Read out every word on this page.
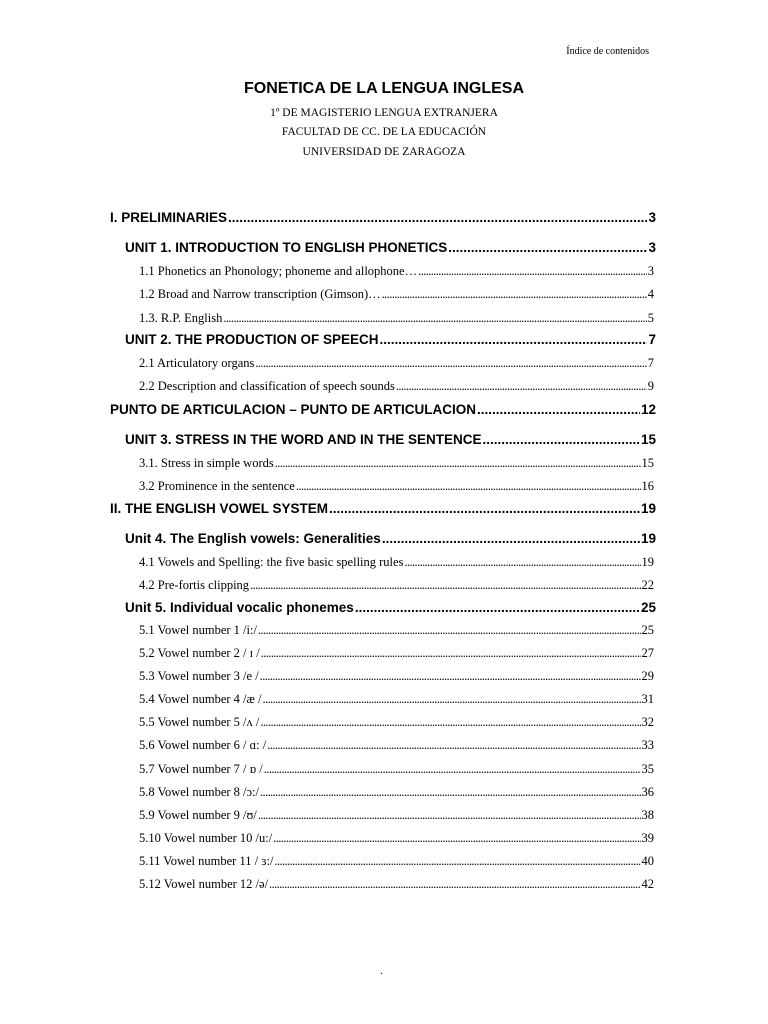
Índice de contenidos
FONETICA DE LA LENGUA INGLESA
1º DE MAGISTERIO LENGUA EXTRANJERA
FACULTAD DE CC. DE LA EDUCACIÓN
UNIVERSIDAD DE ZARAGOZA
I. PRELIMINARIES .....	3
UNIT 1. INTRODUCTION TO ENGLISH PHONETICS .....	3
1.1 Phonetics an Phonology; phoneme and allophone… .....	3
1.2 Broad and Narrow transcription (Gimson)… .....	4
1.3. R.P. English .....	5
UNIT 2. THE PRODUCTION OF SPEECH .....	7
2.1 Articulatory organs .....	7
2.2 Description and classification of speech sounds .....	9
PUNTO DE ARTICULACION – PUNTO DE ARTICULACION .....	12
UNIT 3. STRESS IN THE WORD AND IN THE SENTENCE .....	15
3.1. Stress in simple words .....	15
3.2 Prominence in the sentence .....	16
II. THE ENGLISH VOWEL SYSTEM .....	19
Unit 4. The English vowels: Generalities .....	19
4.1 Vowels and Spelling: the five basic spelling rules .....	19
4.2 Pre-fortis clipping .....	22
Unit 5. Individual vocalic phonemes .....	25
5.1 Vowel number 1 /i:/ .....	25
5.2 Vowel number 2 / ɪ / .....	27
5.3 Vowel number 3 /e / .....	29
5.4 Vowel number 4 /æ / .....	31
5.5 Vowel number 5 /ʌ / .....	32
5.6 Vowel number 6 / ɑ: / .....	33
5.7 Vowel number 7 / ɒ / .....	35
5.8 Vowel number 8 /ɔ:/ .....	36
5.9 Vowel number 9 /ʊ/ .....	38
5.10 Vowel number 10 /u:/ .....	39
5.11 Vowel number 11 / ɜ:/ .....	40
5.12 Vowel number 12 /ə/ .....	42
.
